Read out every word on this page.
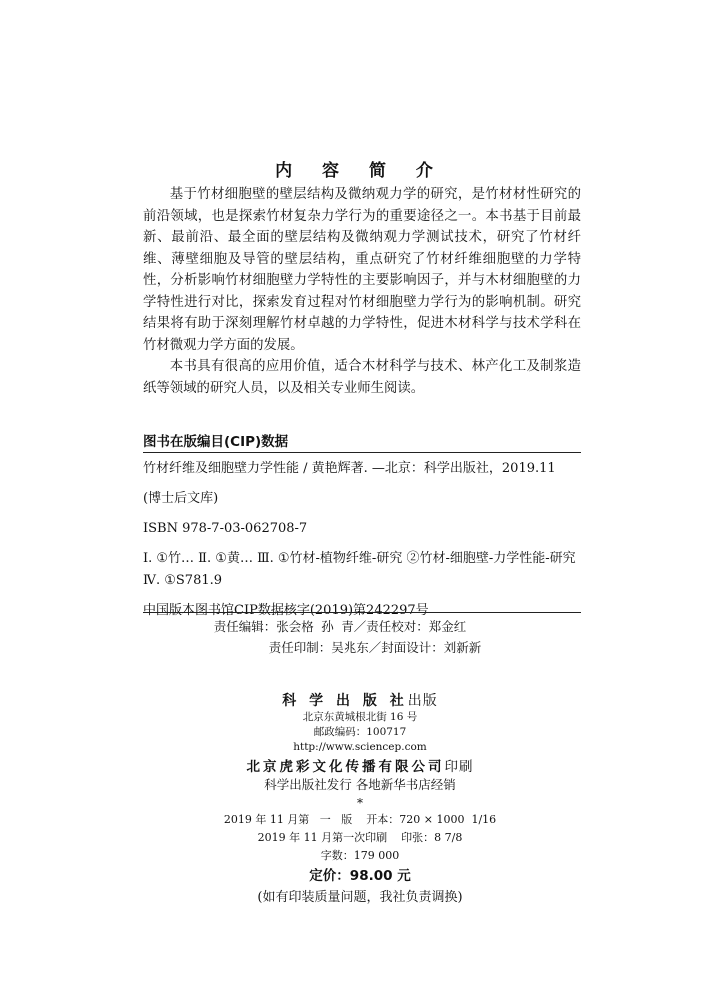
内 容 简 介

基于竹材细胞壁的壁层结构及微纳观力学的研究，是竹材材性研究的前沿领域，也是探索竹材复杂力学行为的重要途径之一。本书基于目前最新、最前沿、最全面的壁层结构及微纳观力学测试技术，研究了竹材纤维、薄壁细胞及导管的壁层结构，重点研究了竹材纤维细胞壁的力学特性，分析影响竹材细胞壁力学特性的主要影响因子，并与木材细胞壁的力学特性进行对比，探索发育过程对竹材细胞壁力学行为的影响机制。研究结果将有助于深刻理解竹材卓越的力学特性，促进木材科学与技术学科在竹材微观力学方面的发展。

本书具有很高的应用价值，适合木材科学与技术、林产化工及制浆造纸等领域的研究人员，以及相关专业师生阅读。

图书在版编目(CIP)数据
竹材纤维及细胞壁力学性能 / 黄艳辉著. —北京：科学出版社，2019.11
(博士后文库)
ISBN 978-7-03-062708-7
Ⅰ. ①竹… Ⅱ. ①黄… Ⅲ. ①竹材-植物纤维-研究 ②竹材-细胞壁-力学性能-研究 Ⅳ. ①S781.9
中国版本图书馆CIP数据核字(2019)第242297号
责任编辑：张会格 孙 青／责任校对：郑金红
责任印制：吴兆东／封面设计：刘新新
科 学 出 版 社出版
北京东黄城根北街 16 号
邮政编码：100717
http://www.sciencep.com
北京虎彩文化传播有限公司印刷
科学出版社发行 各地新华书店经销
*
2019 年 11 月第   一   版    开本：720 × 1000  1/16
2019 年 11 月第一次印刷    印张：8 7/8
字数：179 000
定价：98.00 元
(如有印装质量问题，我社负责调换)
